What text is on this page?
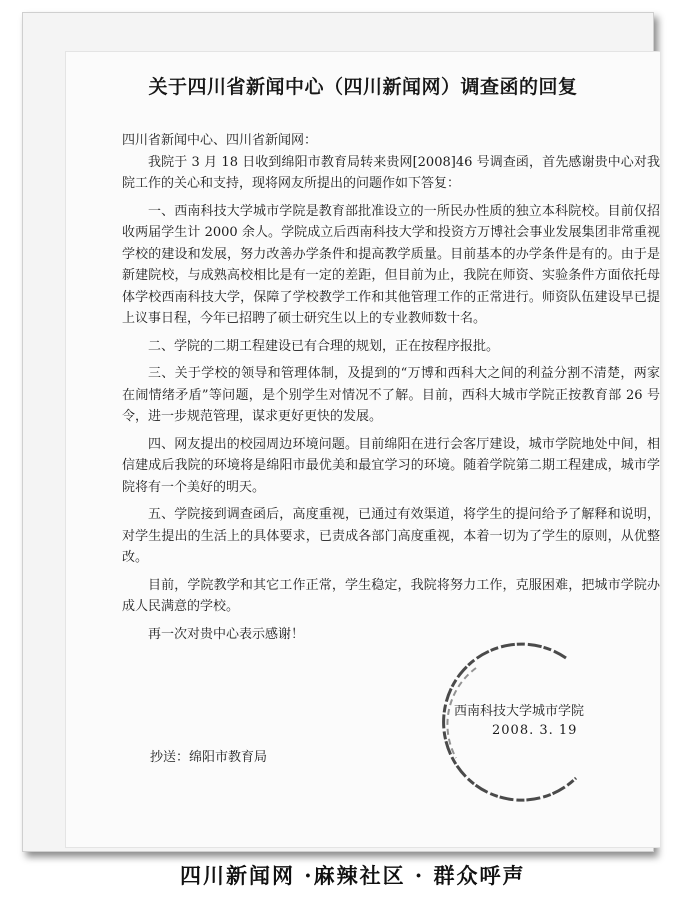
关于四川省新闻中心（四川新闻网）调查函的回复

四川省新闻中心、四川省新闻网：

我院于 3 月 18 日收到绵阳市教育局转来贵网[2008]46 号调查函，首先感谢贵中心对我院工作的关心和支持，现将网友所提出的问题作如下答复：

一、西南科技大学城市学院是教育部批准设立的一所民办性质的独立本科院校。目前仅招收两届学生计 2000 余人。学院成立后西南科技大学和投资方万博社会事业发展集团非常重视学校的建设和发展，努力改善办学条件和提高教学质量。目前基本的办学条件是有的。由于是新建院校，与成熟高校相比是有一定的差距，但目前为止，我院在师资、实验条件方面依托母体学校西南科技大学，保障了学校教学工作和其他管理工作的正常进行。师资队伍建设早已提上议事日程，今年已招聘了硕士研究生以上的专业教师数十名。

二、学院的二期工程建设已有合理的规划，正在按程序报批。

三、关于学校的领导和管理体制，及提到的“万博和西科大之间的利益分割不清楚，两家在闹情绪矛盾”等问题，是个别学生对情况不了解。目前，西科大城市学院正按教育部 26 号令，进一步规范管理，谋求更好更快的发展。

四、网友提出的校园周边环境问题。目前绵阳在进行会客厅建设，城市学院地处中间，相信建成后我院的环境将是绵阳市最优美和最宜学习的环境。随着学院第二期工程建成，城市学院将有一个美好的明天。

五、学院接到调查函后，高度重视，已通过有效渠道，将学生的提问给予了解释和说明，对学生提出的生活上的具体要求，已责成各部门高度重视，本着一切为了学生的原则，从优整改。

目前，学院教学和其它工作正常，学生稳定，我院将努力工作，克服困难，把城市学院办成人民满意的学校。

再一次对贵中心表示感谢！

西南科技大学城市学院
2008. 3. 19
抄送：绵阳市教育局
四川新闻网 ·麻辣社区 · 群众呼声
